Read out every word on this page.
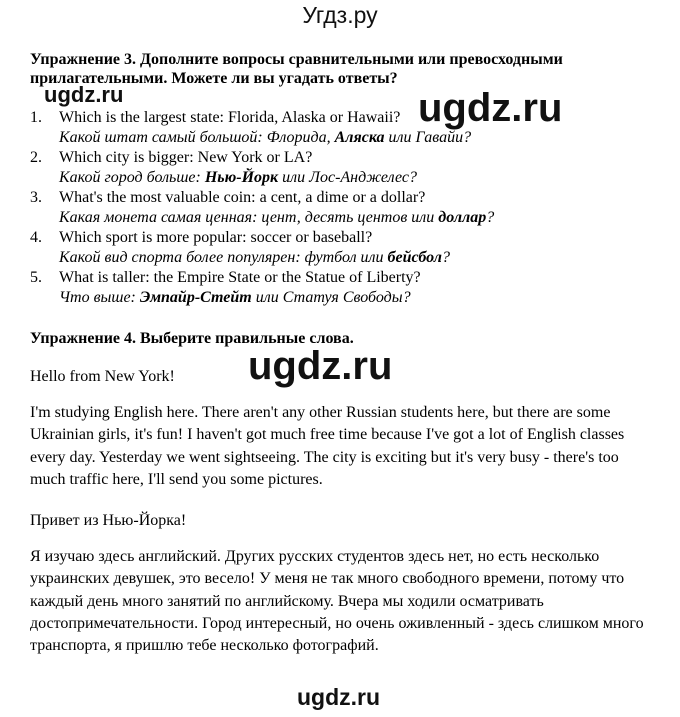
Угдз.ру
ugdz.ru	ugdz.ru
ugdz.ru
ugdz.ru
Упражнение 3. Дополните вопросы сравнительными или превосходными прилагательными. Можете ли вы угадать ответы?
1. Which is the largest state: Florida, Alaska or Hawaii?
Какой штат самый большой: Флорида, Аляска или Гавайи?
2. Which city is bigger: New York or LA?
Какой город больше: Нью-Йорк или Лос-Анджелес?
3. What's the most valuable coin: a cent, a dime or a dollar?
Какая монета самая ценная: цент, десять центов или доллар?
4. Which sport is more popular: soccer or baseball?
Какой вид спорта более популярен: футбол или бейсбол?
5. What is taller: the Empire State or the Statue of Liberty?
Что выше: Эмпайр-Стейт или Статуя Свободы?
Упражнение 4. Выберите правильные слова.

Hello from New York!

I'm studying English here. There aren't any other Russian students here, but there are some Ukrainian girls, it's fun! I haven't got much free time because I've got a lot of English classes every day. Yesterday we went sightseeing. The city is exciting but it's very busy - there's too much traffic here, I'll send you some pictures.

Привет из Нью-Йорка!

Я изучаю здесь английский. Других русских студентов здесь нет, но есть несколько украинских девушек, это весело! У меня не так много свободного времени, потому что каждый день много занятий по английскому. Вчера мы ходили осматривать достопримечательности. Город интересный, но очень оживленный - здесь слишком много транспорта, я пришлю тебе несколько фотографий.
